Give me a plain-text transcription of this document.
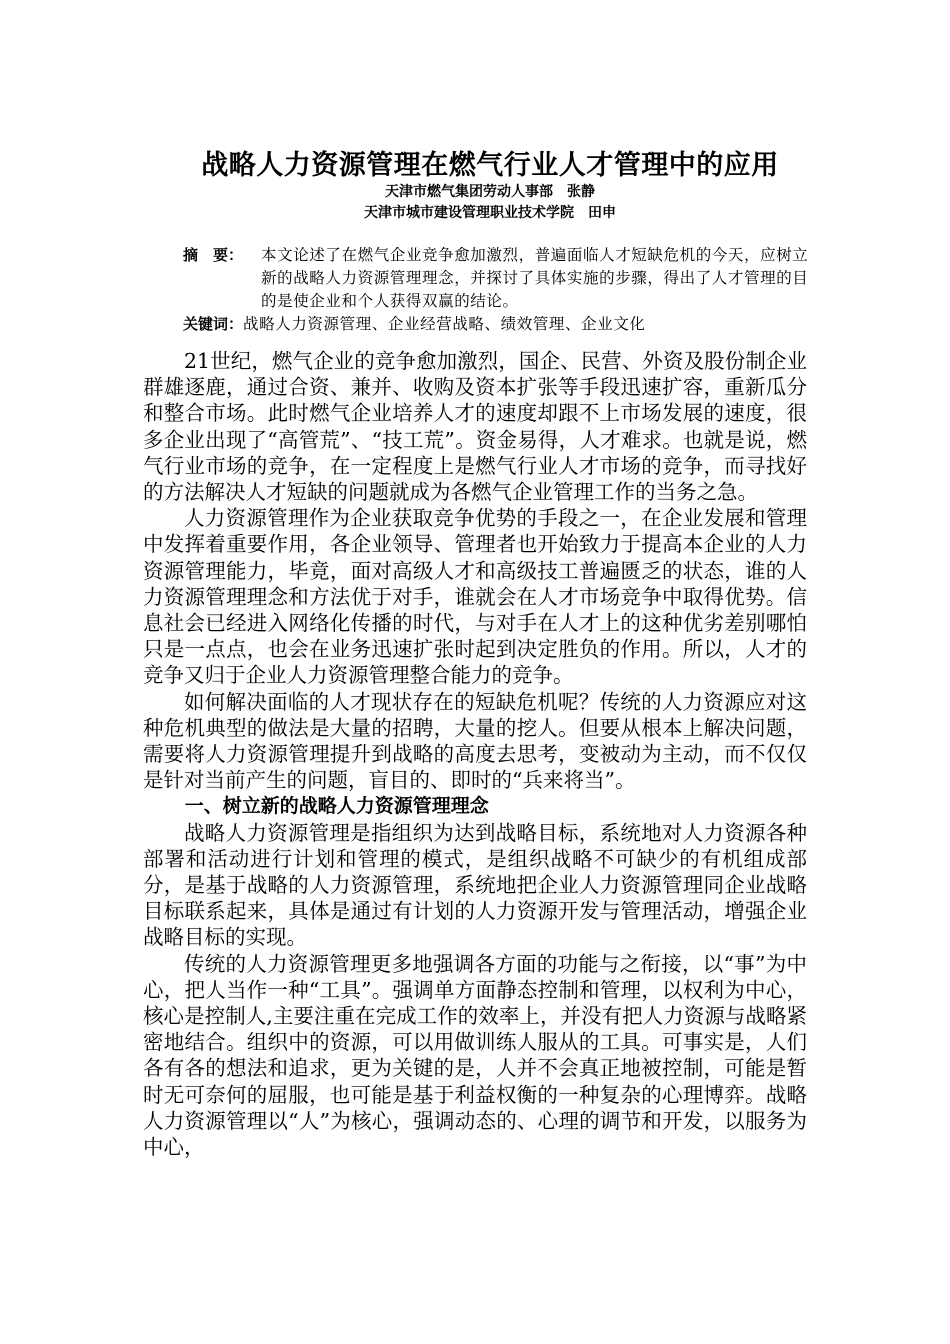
战略人力资源管理在燃气行业人才管理中的应用
天津市燃气集团劳动人事部　张静
天津市城市建设管理职业技术学院　田申
摘　要：	本文论述了在燃气企业竞争愈加激烈，普遍面临人才短缺危机的今天，应树立新的战略人力资源管理理念，并探讨了具体实施的步骤，得出了人才管理的目的是使企业和个人获得双赢的结论。
关键词： 战略人力资源管理、企业经营战略、绩效管理、企业文化

21世纪，燃气企业的竞争愈加激烈，国企、民营、外资及股份制企业群雄逐鹿，通过合资、兼并、收购及资本扩张等手段迅速扩容，重新瓜分和整合市场。此时燃气企业培养人才的速度却跟不上市场发展的速度，很多企业出现了“高管荒”、“技工荒”。资金易得，人才难求。也就是说，燃气行业市场的竞争，在一定程度上是燃气行业人才市场的竞争，而寻找好的方法解决人才短缺的问题就成为各燃气企业管理工作的当务之急。

人力资源管理作为企业获取竞争优势的手段之一，在企业发展和管理中发挥着重要作用，各企业领导、管理者也开始致力于提高本企业的人力资源管理能力，毕竟，面对高级人才和高级技工普遍匮乏的状态，谁的人力资源管理理念和方法优于对手，谁就会在人才市场竞争中取得优势。信息社会已经进入网络化传播的时代，与对手在人才上的这种优劣差别哪怕只是一点点，也会在业务迅速扩张时起到决定胜负的作用。所以，人才的竞争又归于企业人力资源管理整合能力的竞争。

如何解决面临的人才现状存在的短缺危机呢？传统的人力资源应对这种危机典型的做法是大量的招聘，大量的挖人。但要从根本上解决问题，需要将人力资源管理提升到战略的高度去思考，变被动为主动，而不仅仅是针对当前产生的问题，盲目的、即时的“兵来将当”。

一、树立新的战略人力资源管理理念

战略人力资源管理是指组织为达到战略目标，系统地对人力资源各种部署和活动进行计划和管理的模式，是组织战略不可缺少的有机组成部分，是基于战略的人力资源管理，系统地把企业人力资源管理同企业战略目标联系起来，具体是通过有计划的人力资源开发与管理活动，增强企业战略目标的实现。

传统的人力资源管理更多地强调各方面的功能与之衔接，以“事”为中心，把人当作一种“工具”。强调单方面静态控制和管理，以权利为中心，核心是控制人,主要注重在完成工作的效率上，并没有把人力资源与战略紧密地结合。组织中的资源，可以用做训练人服从的工具。可事实是，人们各有各的想法和追求，更为关键的是，人并不会真正地被控制，可能是暂时无可奈何的屈服，也可能是基于利益权衡的一种复杂的心理博弈。战略人力资源管理以“人”为核心，强调动态的、心理的调节和开发，以服务为中心，
